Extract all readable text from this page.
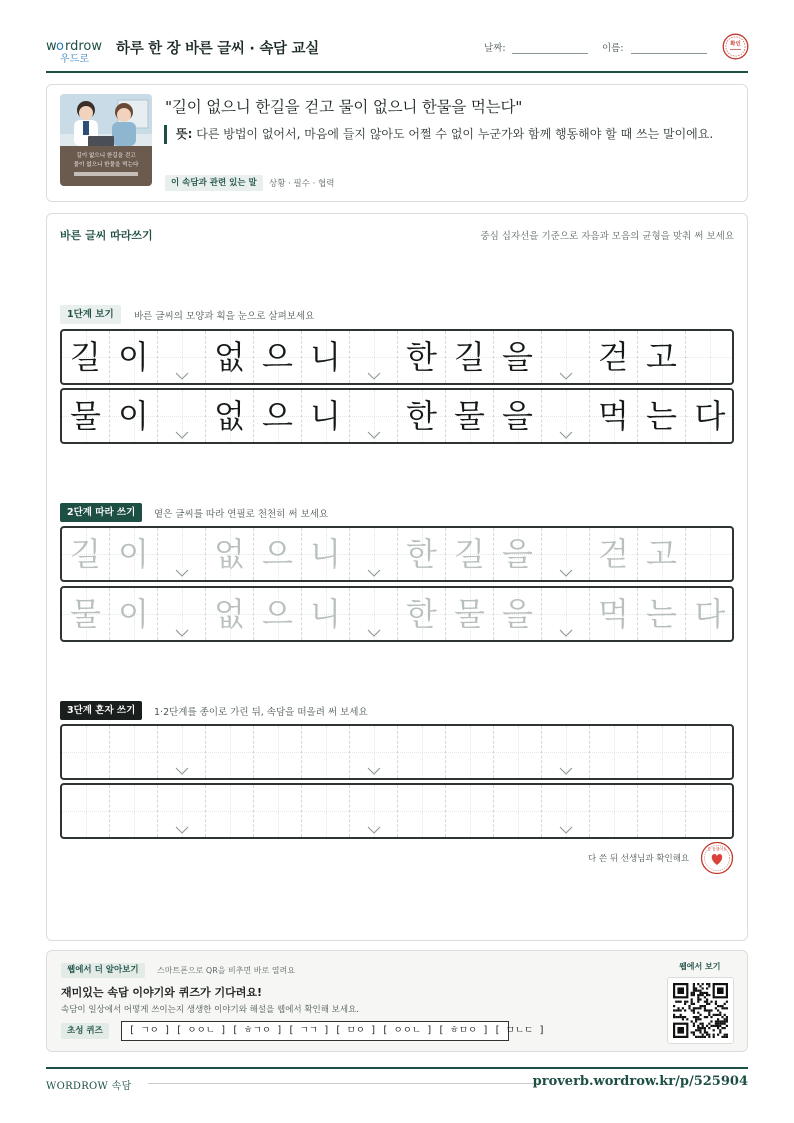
w o rdrow
우드로
하루 한 장 바른 글씨 · 속담 교실	날짜:	이름:	확인
길이 없으니 한길을 걷고
물이 없으니 한물을 먹는다
"길이 없으니 한길을 걷고 물이 없으니 한물을 먹는다"
뜻: 다른 방법이 없어서, 마음에 들지 않아도 어쩔 수 없이 누군가와 함께 행동해야 할 때 쓰는 말이에요.
이 속담과 관련 있는 말	상황 · 필수 · 협력
바른 글씨 따라쓰기	중심 십자선을 기준으로 자음과 모음의 균형을 맞춰 써 보세요
1단계 보기	바른 글씨의 모양과 획을 눈으로 살펴보세요
길 이 없 으 니 한 길 을 걷 고
물 이 없 으 니 한 물 을 먹 는 다
2단계 따라 쓰기	옅은 글씨를 따라 연필로 천천히 써 보세요
길 이 없 으 니 한 길 을 걷 고
물 이 없 으 니 한 물 을 먹 는 다
3단계 혼자 쓰기	1·2단계를 종이로 가린 뒤, 속담을 떠올려 써 보세요
다 쓴 뒤 선생님과 확인해요
참 잘했어요
웹에서 더 알아보기	스마트폰으로 QR을 비추면 바로 열려요
재미있는 속담 이야기와 퀴즈가 기다려요!
속담이 일상에서 어떻게 쓰이는지 생생한 이야기와 해설을 웹에서 확인해 보세요.
초성 퀴즈	[ ㄱㅇ ] [ ㅇㅇㄴ ] [ ㅎㄱㅇ ] [ ㄱㄱ ] [ ㅁㅇ ] [ ㅇㅇㄴ ] [ ㅎㅁㅇ ] [ ㅁㄴㄷ ]
웹에서 보기
WORDROW 속담	proverb.wordrow.kr/p/525904
